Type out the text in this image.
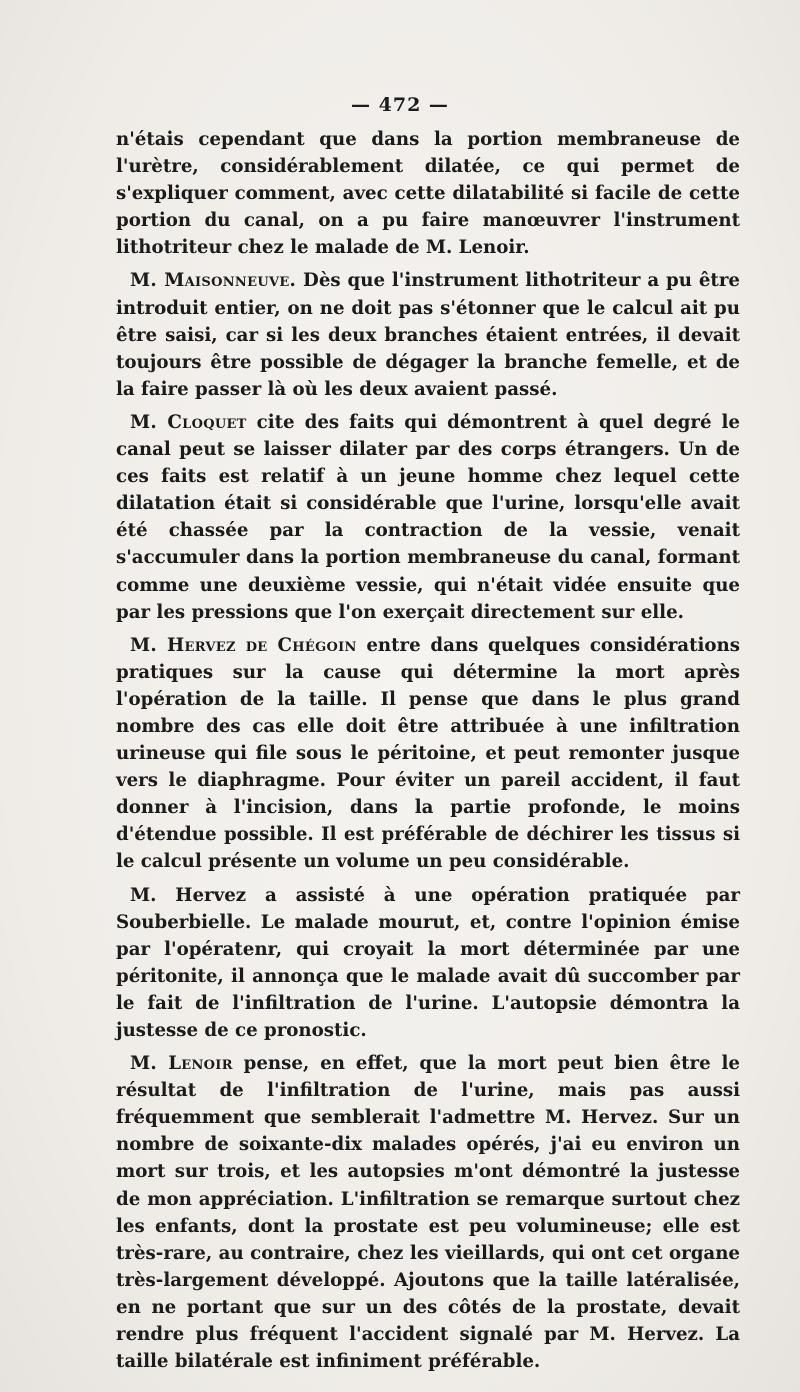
— 472 —

n'étais cependant que dans la portion membraneuse de l'urètre, considérablement dilatée, ce qui permet de s'expliquer comment, avec cette dilatabilité si facile de cette portion du canal, on a pu faire manœuvrer l'instrument lithotriteur chez le malade de M. Lenoir.

M. Maisonneuve. Dès que l'instrument lithotriteur a pu être introduit entier, on ne doit pas s'étonner que le calcul ait pu être saisi, car si les deux branches étaient entrées, il devait toujours être possible de dégager la branche femelle, et de la faire passer là où les deux avaient passé.

M. Cloquet cite des faits qui démontrent à quel degré le canal peut se laisser dilater par des corps étrangers. Un de ces faits est relatif à un jeune homme chez lequel cette dilatation était si considérable que l'urine, lorsqu'elle avait été chassée par la contraction de la vessie, venait s'accumuler dans la portion membraneuse du canal, formant comme une deuxième vessie, qui n'était vidée ensuite que par les pressions que l'on exerçait directement sur elle.

M. Hervez de Chégoin entre dans quelques considérations pratiques sur la cause qui détermine la mort après l'opération de la taille. Il pense que dans le plus grand nombre des cas elle doit être attribuée à une infiltration urineuse qui file sous le péritoine, et peut remonter jusque vers le diaphragme. Pour éviter un pareil accident, il faut donner à l'incision, dans la partie profonde, le moins d'étendue possible. Il est préférable de déchirer les tissus si le calcul présente un volume un peu considérable.

M. Hervez a assisté à une opération pratiquée par Souberbielle. Le malade mourut, et, contre l'opinion émise par l'opératenr, qui croyait la mort déterminée par une péritonite, il annonça que le malade avait dû succomber par le fait de l'infiltration de l'urine. L'autopsie démontra la justesse de ce pronostic.

M. Lenoir pense, en effet, que la mort peut bien être le résultat de l'infiltration de l'urine, mais pas aussi fréquemment que semblerait l'admettre M. Hervez. Sur un nombre de soixante-dix malades opérés, j'ai eu environ un mort sur trois, et les autopsies m'ont démontré la justesse de mon appréciation. L'infiltration se remarque surtout chez les enfants, dont la prostate est peu volumineuse; elle est très-rare, au contraire, chez les vieillards, qui ont cet organe très-largement développé. Ajoutons que la taille latéralisée, en ne portant que sur un des côtés de la prostate, devait rendre plus fréquent l'accident signalé par M. Hervez. La taille bilatérale est infiniment préférable.
